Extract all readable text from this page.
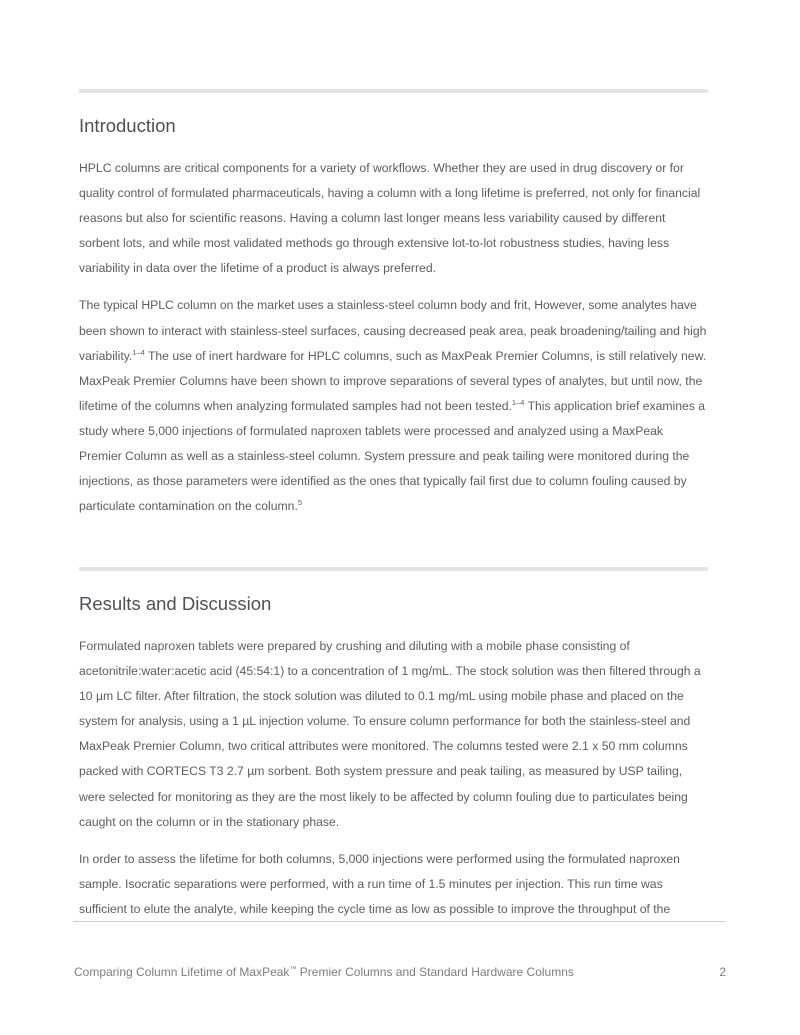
Introduction

HPLC columns are critical components for a variety of workflows. Whether they are used in drug discovery or for quality control of formulated pharmaceuticals, having a column with a long lifetime is preferred, not only for financial reasons but also for scientific reasons. Having a column last longer means less variability caused by different sorbent lots, and while most validated methods go through extensive lot-to-lot robustness studies, having less variability in data over the lifetime of a product is always preferred.

The typical HPLC column on the market uses a stainless-steel column body and frit, However, some analytes have been shown to interact with stainless-steel surfaces, causing decreased peak area, peak broadening/tailing and high variability.$^{1-4}$ The use of inert hardware for HPLC columns, such as MaxPeak Premier Columns, is still relatively new. MaxPeak Premier Columns have been shown to improve separations of several types of analytes, but until now, the lifetime of the columns when analyzing formulated samples had not been tested.$^{1-4}$ This application brief examines a study where 5,000 injections of formulated naproxen tablets were processed and analyzed using a MaxPeak Premier Column as well as a stainless-steel column. System pressure and peak tailing were monitored during the injections, as those parameters were identified as the ones that typically fail first due to column fouling caused by particulate contamination on the column.$^5$

Results and Discussion

Formulated naproxen tablets were prepared by crushing and diluting with a mobile phase consisting of acetonitrile:water:acetic acid (45:54:1) to a concentration of 1 mg/mL. The stock solution was then filtered through a 10 µm LC filter. After filtration, the stock solution was diluted to 0.1 mg/mL using mobile phase and placed on the system for analysis, using a 1 µL injection volume. To ensure column performance for both the stainless-steel and MaxPeak Premier Column, two critical attributes were monitored. The columns tested were 2.1 x 50 mm columns packed with CORTECS T3 2.7 µm sorbent. Both system pressure and peak tailing, as measured by USP tailing, were selected for monitoring as they are the most likely to be affected by column fouling due to particulates being caught on the column or in the stationary phase.

In order to assess the lifetime for both columns, 5,000 injections were performed using the formulated naproxen sample. Isocratic separations were performed, with a run time of 1.5 minutes per injection. This run time was sufficient to elute the analyte, while keeping the cycle time as low as possible to improve the throughput of the

Comparing Column Lifetime of MaxPeak™ Premier Columns and Standard Hardware Columns	2
